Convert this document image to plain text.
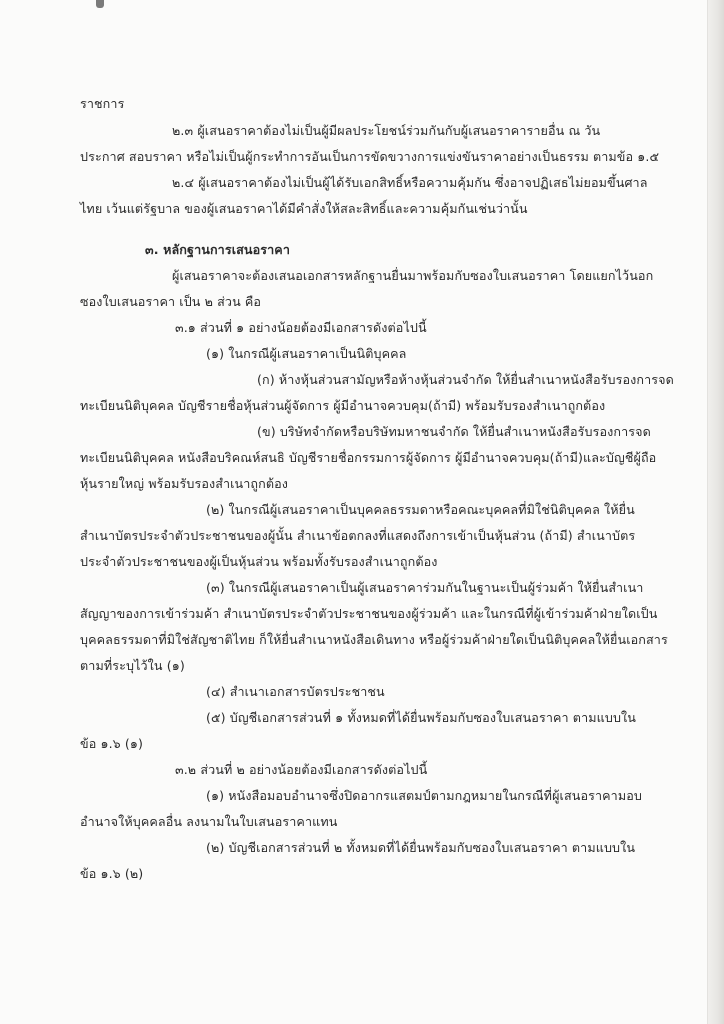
ราชการ
๒.๓ ผู้เสนอราคาต้องไม่เป็นผู้มีผลประโยชน์ร่วมกันกับผู้เสนอราคารายอื่น ณ วัน
ประกาศ สอบราคา หรือไม่เป็นผู้กระทำการอันเป็นการขัดขวางการแข่งขันราคาอย่างเป็นธรรม ตามข้อ ๑.๕
๒.๔ ผู้เสนอราคาต้องไม่เป็นผู้ได้รับเอกสิทธิ์หรือความคุ้มกัน ซึ่งอาจปฏิเสธไม่ยอมขึ้นศาล
ไทย เว้นแต่รัฐบาล ของผู้เสนอราคาได้มีคำสั่งให้สละสิทธิ์และความคุ้มกันเช่นว่านั้น
๓. หลักฐานการเสนอราคา
ผู้เสนอราคาจะต้องเสนอเอกสารหลักฐานยื่นมาพร้อมกับซองใบเสนอราคา โดยแยกไว้นอก
ซองใบเสนอราคา เป็น ๒ ส่วน คือ
๓.๑ ส่วนที่ ๑ อย่างน้อยต้องมีเอกสารดังต่อไปนี้
(๑) ในกรณีผู้เสนอราคาเป็นนิติบุคคล
(ก) ห้างหุ้นส่วนสามัญหรือห้างหุ้นส่วนจำกัด ให้ยื่นสำเนาหนังสือรับรองการจด
ทะเบียนนิติบุคคล บัญชีรายชื่อหุ้นส่วนผู้จัดการ ผู้มีอำนาจควบคุม(ถ้ามี) พร้อมรับรองสำเนาถูกต้อง
(ข) บริษัทจำกัดหรือบริษัทมหาชนจำกัด ให้ยื่นสำเนาหนังสือรับรองการจด
ทะเบียนนิติบุคคล หนังสือบริคณห์สนธิ บัญชีรายชื่อกรรมการผู้จัดการ ผู้มีอำนาจควบคุม(ถ้ามี)และบัญชีผู้ถือ
หุ้นรายใหญ่ พร้อมรับรองสำเนาถูกต้อง
(๒) ในกรณีผู้เสนอราคาเป็นบุคคลธรรมดาหรือคณะบุคคลที่มิใช่นิติบุคคล ให้ยื่น
สำเนาบัตรประจำตัวประชาชนของผู้นั้น สำเนาข้อตกลงที่แสดงถึงการเข้าเป็นหุ้นส่วน (ถ้ามี) สำเนาบัตร
ประจำตัวประชาชนของผู้เป็นหุ้นส่วน พร้อมทั้งรับรองสำเนาถูกต้อง
(๓) ในกรณีผู้เสนอราคาเป็นผู้เสนอราคาร่วมกันในฐานะเป็นผู้ร่วมค้า ให้ยื่นสำเนา
สัญญาของการเข้าร่วมค้า สำเนาบัตรประจำตัวประชาชนของผู้ร่วมค้า และในกรณีที่ผู้เข้าร่วมค้าฝ่ายใดเป็น
บุคคลธรรมดาที่มิใช่สัญชาติไทย ก็ให้ยื่นสำเนาหนังสือเดินทาง หรือผู้ร่วมค้าฝ่ายใดเป็นนิติบุคคลให้ยื่นเอกสาร
ตามที่ระบุไว้ใน (๑)
(๔) สำเนาเอกสารบัตรประชาชน
(๕) บัญชีเอกสารส่วนที่ ๑ ทั้งหมดที่ได้ยื่นพร้อมกับซองใบเสนอราคา ตามแบบใน
ข้อ ๑.๖ (๑)
๓.๒ ส่วนที่ ๒ อย่างน้อยต้องมีเอกสารดังต่อไปนี้
(๑) หนังสือมอบอำนาจซึ่งปิดอากรแสตมป์ตามกฎหมายในกรณีที่ผู้เสนอราคามอบ
อำนาจให้บุคคลอื่น ลงนามในใบเสนอราคาแทน
(๒) บัญชีเอกสารส่วนที่ ๒ ทั้งหมดที่ได้ยื่นพร้อมกับซองใบเสนอราคา ตามแบบใน
ข้อ ๑.๖ (๒)
